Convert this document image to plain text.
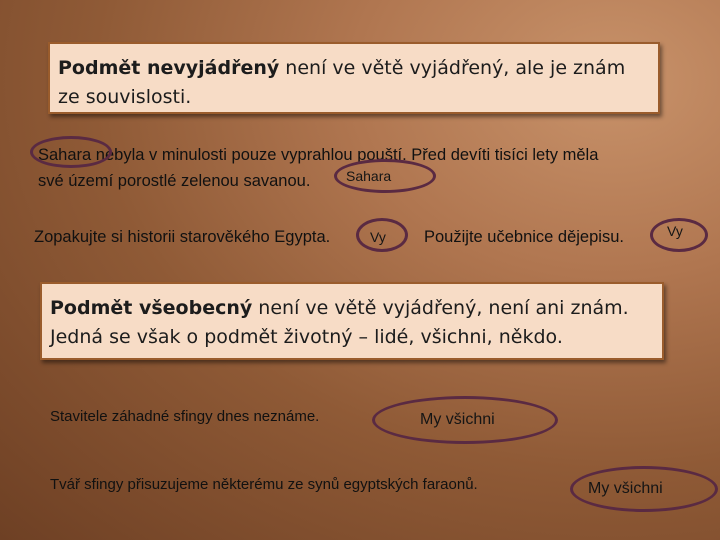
Podmět nevyjádřený není ve větě vyjádřený, ale je znám ze souvislosti.
Sahara nebyla v minulosti pouze vyprahlou pouští. Před devíti tisíci lety měla
své území porostlé zelenou savanou.	Sahara
Zopakujte si historii starověkého Egypta.	Vy Použijte učebnice dějepisu.	Vy
Podmět všeobecný není ve větě vyjádřený, není ani znám. Jedná se však o podmět životný – lidé, všichni, někdo.
Stavitele záhadné sfingy dnes neznáme.	My všichni
Tvář sfingy přisuzujeme některému ze synů egyptských faraonů.	My všichni
